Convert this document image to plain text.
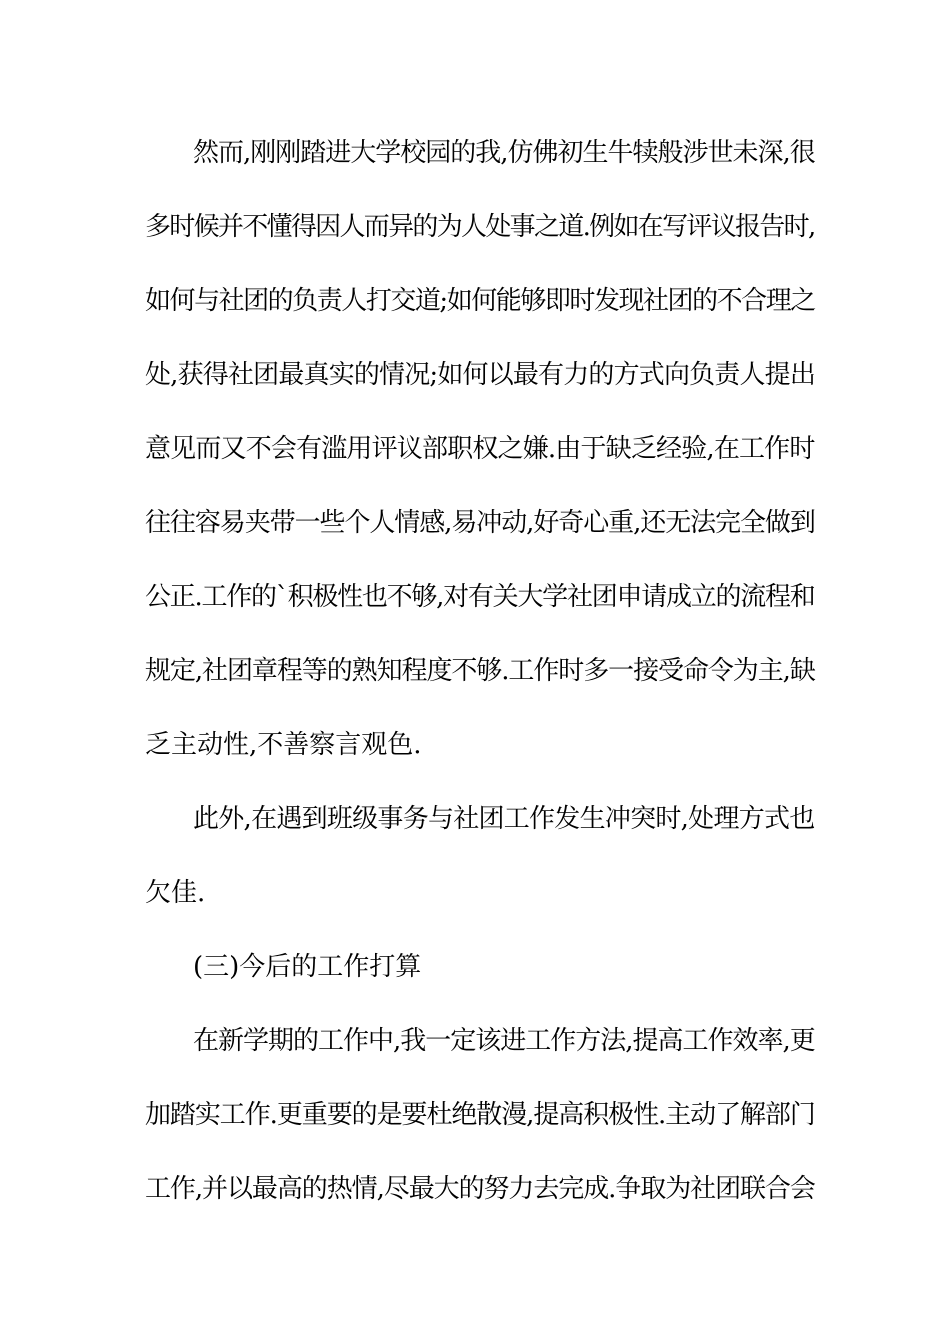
然而,刚刚踏进大学校园的我,仿佛初生牛犊般涉世未深,很
多时候并不懂得因人而异的为人处事之道.例如在写评议报告时,
如何与社团的负责人打交道;如何能够即时发现社团的不合理之
处,获得社团最真实的情况;如何以最有力的方式向负责人提出
意见而又不会有滥用评议部职权之嫌.由于缺乏经验,在工作时
往往容易夹带一些个人情感,易冲动,好奇心重,还无法完全做到
公正.工作的`积极性也不够,对有关大学社团申请成立的流程和
规定,社团章程等的熟知程度不够.工作时多一接受命令为主,缺
乏主动性,不善察言观色.
此外,在遇到班级事务与社团工作发生冲突时,处理方式也
欠佳.
(三)今后的工作打算
在新学期的工作中,我一定该进工作方法,提高工作效率,更
加踏实工作.更重要的是要杜绝散漫,提高积极性.主动了解部门
工作,并以最高的热情,尽最大的努力去完成.争取为社团联合会
